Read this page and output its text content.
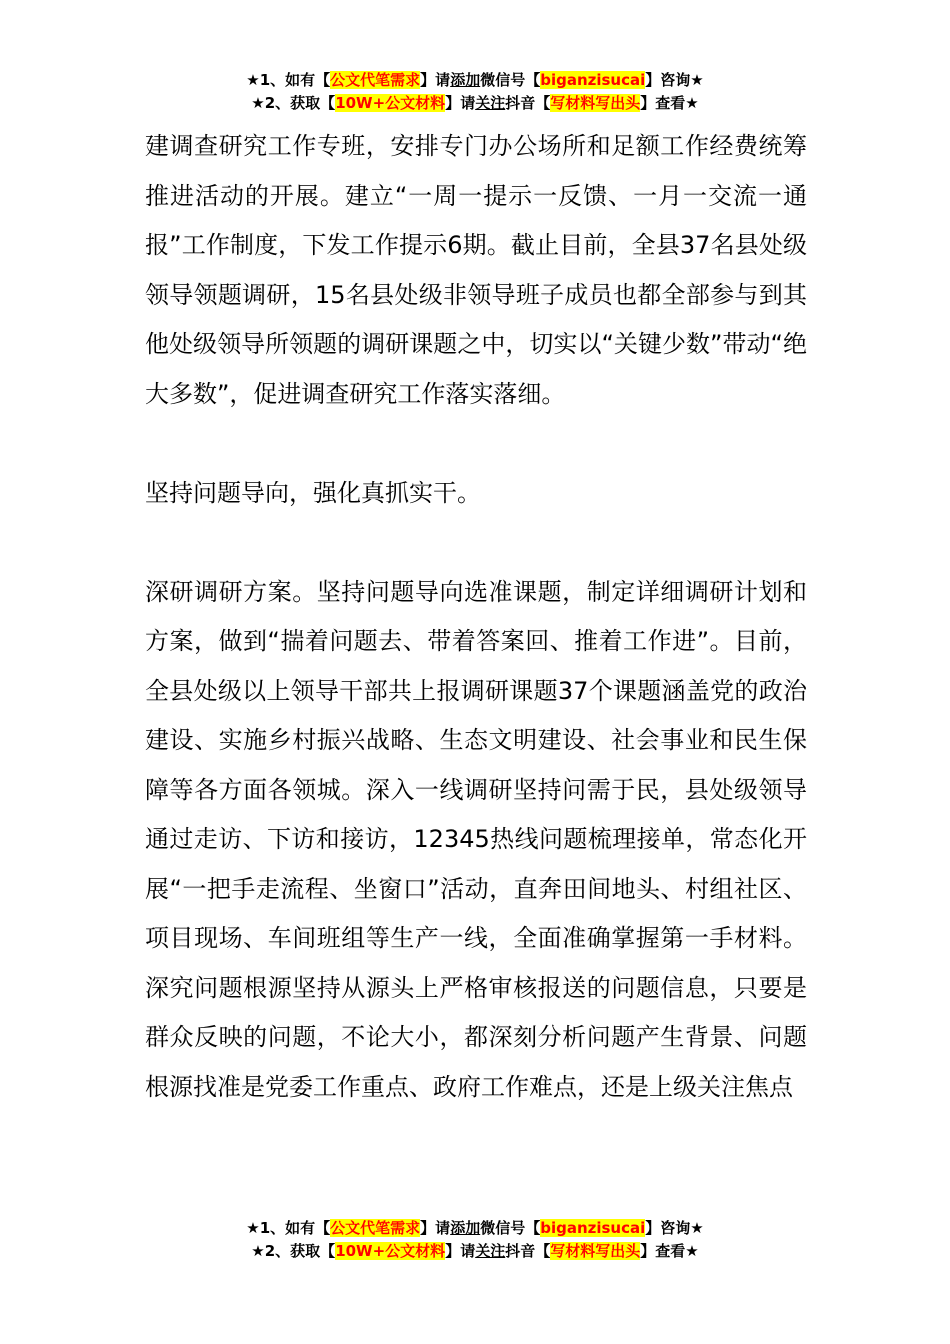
★1、如有【公文代笔需求】请添加微信号【biganzisucai】咨询★
★2、获取【10W+公文材料】请关注抖音【写材料写出头】查看★

建调查研究工作专班，安排专门办公场所和足额工作经费统筹推进活动的开展。建立“一周一提示一反馈、一月一交流一通报”工作制度，下发工作提示6期。截止目前，全县37名县处级领导领题调研，15名县处级非领导班子成员也都全部参与到其他处级领导所领题的调研课题之中，切实以“关键少数”带动“绝大多数”，促进调查研究工作落实落细。

坚持问题导向，强化真抓实干。

深研调研方案。坚持问题导向选准课题，制定详细调研计划和方案，做到“揣着问题去、带着答案回、推着工作进”。目前，全县处级以上领导干部共上报调研课题37个课题涵盖党的政治建设、实施乡村振兴战略、生态文明建设、社会事业和民生保障等各方面各领城。深入一线调研坚持问需于民，县处级领导通过走访、下访和接访，12345热线问题梳理接单，常态化开展“一把手走流程、坐窗口”活动，直奔田间地头、村组社区、项目现场、车间班组等生产一线，全面准确掌握第一手材料。深究问题根源坚持从源头上严格审核报送的问题信息，只要是群众反映的问题，不论大小，都深刻分析问题产生背景、问题根源找准是党委工作重点、政府工作难点，还是上级关注焦点

★1、如有【公文代笔需求】请添加微信号【biganzisucai】咨询★
★2、获取【10W+公文材料】请关注抖音【写材料写出头】查看★
